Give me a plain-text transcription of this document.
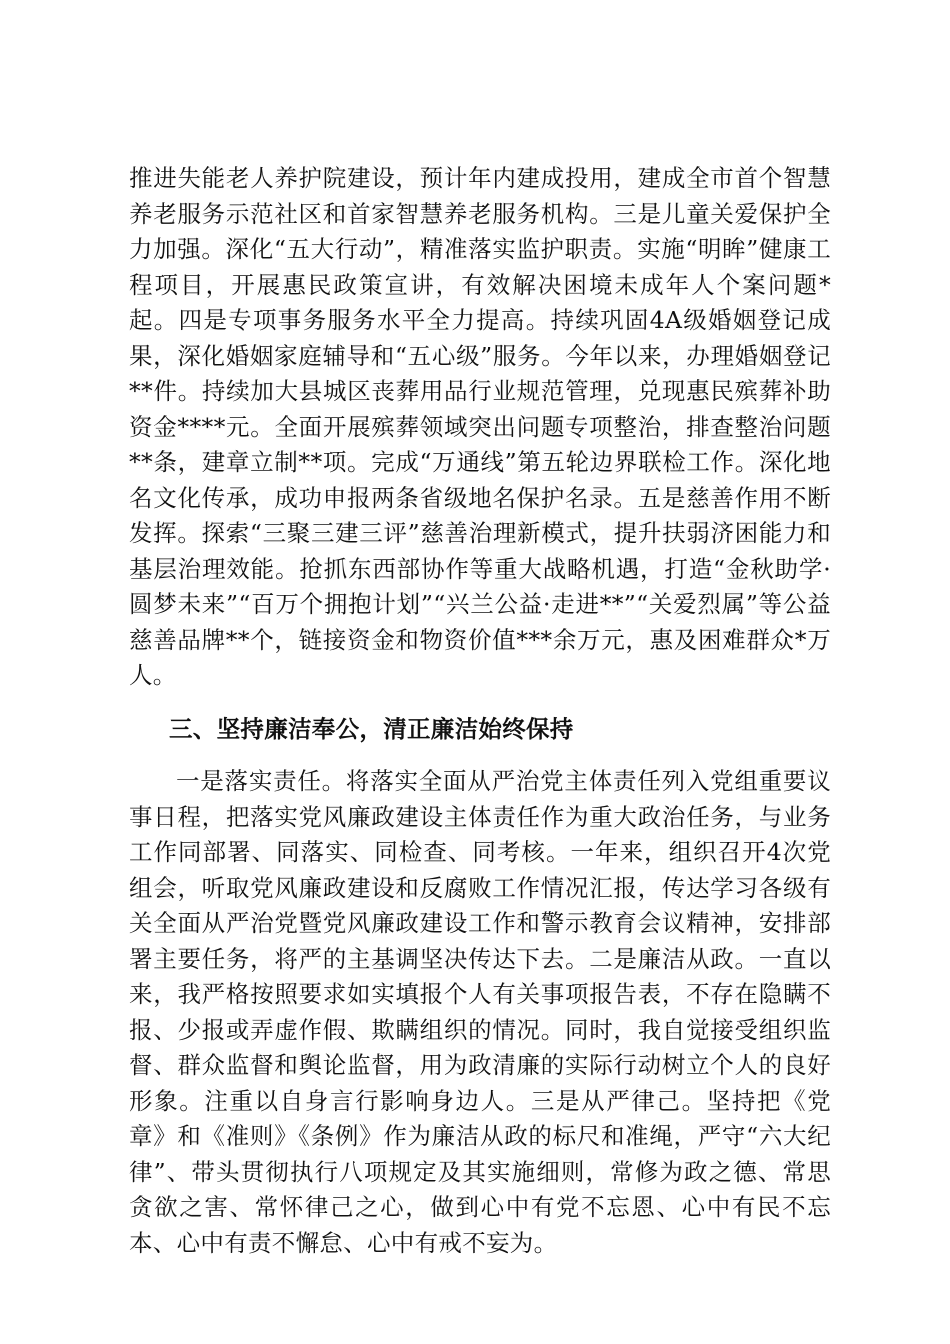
推进失能老人养护院建设，预计年内建成投用，建成全市首个智慧养老服务示范社区和首家智慧养老服务机构。三是儿童关爱保护全力加强。深化“五大行动”，精准落实监护职责。实施“明眸”健康工程项目，开展惠民政策宣讲，有效解决困境未成年人个案问题*起。四是专项事务服务水平全力提高。持续巩固4A级婚姻登记成果，深化婚姻家庭辅导和“五心级”服务。今年以来，办理婚姻登记**件。持续加大县城区丧葬用品行业规范管理，兑现惠民殡葬补助资金****元。全面开展殡葬领域突出问题专项整治，排查整治问题**条，建章立制**项。完成“万通线”第五轮边界联检工作。深化地名文化传承，成功申报两条省级地名保护名录。五是慈善作用不断发挥。探索“三聚三建三评”慈善治理新模式，提升扶弱济困能力和基层治理效能。抢抓东西部协作等重大战略机遇，打造“金秋助学·圆梦未来”“百万个拥抱计划”“兴兰公益·走进**”“关爱烈属”等公益慈善品牌**个，链接资金和物资价值***余万元，惠及困难群众*万人。

三、坚持廉洁奉公，清正廉洁始终保持

一是落实责任。将落实全面从严治党主体责任列入党组重要议事日程，把落实党风廉政建设主体责任作为重大政治任务，与业务工作同部署、同落实、同检查、同考核。一年来，组织召开4次党组会，听取党风廉政建设和反腐败工作情况汇报，传达学习各级有关全面从严治党暨党风廉政建设工作和警示教育会议精神，安排部署主要任务，将严的主基调坚决传达下去。二是廉洁从政。一直以来，我严格按照要求如实填报个人有关事项报告表，不存在隐瞒不报、少报或弄虚作假、欺瞒组织的情况。同时，我自觉接受组织监督、群众监督和舆论监督，用为政清廉的实际行动树立个人的良好形象。注重以自身言行影响身边人。三是从严律己。坚持把《党章》和《准则》《条例》作为廉洁从政的标尺和准绳，严守“六大纪律”、带头贯彻执行八项规定及其实施细则，常修为政之德、常思贪欲之害、常怀律己之心，做到心中有党不忘恩、心中有民不忘本、心中有责不懈怠、心中有戒不妄为。
